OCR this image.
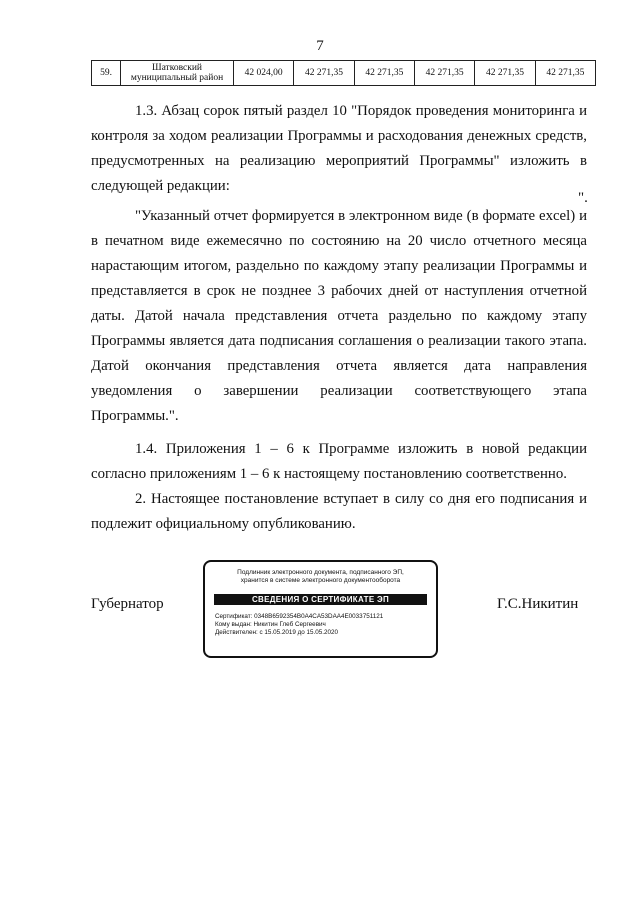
7
59.	Шатковский муниципальный район	42 024,00	42 271,35	42 271,35	42 271,35	42 271,35	42 271,35
".

1.3. Абзац сорок пятый раздел 10 "Порядок проведения мониторинга и контроля за ходом реализации Программы и расходования денежных средств, предусмотренных на реализацию мероприятий Программы" изложить в следующей редакции:

"Указанный отчет формируется в электронном виде (в формате excel) и в печатном виде ежемесячно по состоянию на 20 число отчетного месяца нарастающим итогом, раздельно по каждому этапу реализации Программы и представляется в срок не позднее 3 рабочих дней от наступления отчетной даты. Датой начала представления отчета раздельно по каждому этапу Программы является дата подписания соглашения о реализации такого этапа. Датой окончания представления отчета является дата направления уведомления о завершении реализации соответствующего этапа

Программы.".

1.4. Приложения 1 – 6 к Программе изложить в новой редакции согласно приложениям 1 – 6 к настоящему постановлению соответственно.

2. Настоящее постановление вступает в силу со дня его подписания и подлежит официальному опубликованию.

Губернатор	Г.С.Никитин
Подлинник электронного документа, подписанного ЭП,
хранится в системе электронного документооборота
СВЕДЕНИЯ О СЕРТИФИКАТЕ ЭП
Сертификат: 0348B6592354B0A4CA53DAA4E0033751121
Кому выдан: Никитин Глеб Сергеевич
Действителен: с 15.05.2019 до 15.05.2020
